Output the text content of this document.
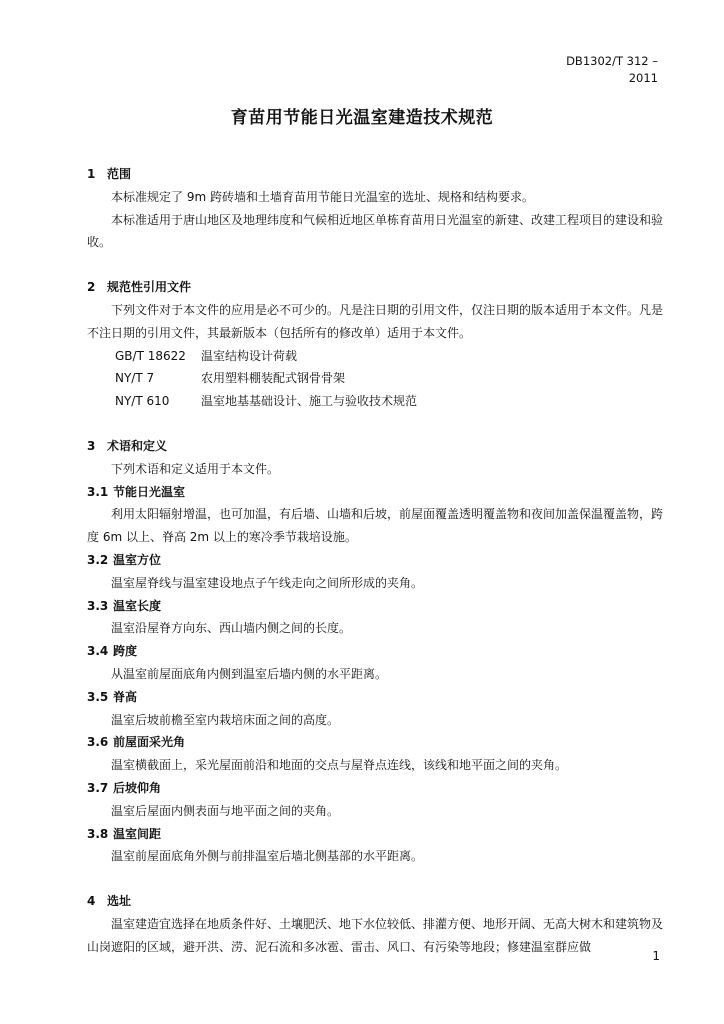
DB1302/T 312 –
2011
育苗用节能日光温室建造技术规范
1 范围

本标准规定了 9m 跨砖墙和土墙育苗用节能日光温室的选址、规格和结构要求。

本标准适用于唐山地区及地理纬度和气候相近地区单栋育苗用日光温室的新建、改建工程项目的建设和验收。

2 规范性引用文件

下列文件对于本文件的应用是必不可少的。凡是注日期的引用文件，仅注日期的版本适用于本文件。凡是不注日期的引用文件，其最新版本（包括所有的修改单）适用于本文件。

GB/T 18622 温室结构设计荷载

NY/T 7	农用塑料棚装配式钢骨骨架

NY/T 610	温室地基基础设计、施工与验收技术规范

3 术语和定义

下列术语和定义适用于本文件。

3.1 节能日光温室

利用太阳辐射增温，也可加温，有后墙、山墙和后坡，前屋面覆盖透明覆盖物和夜间加盖保温覆盖物，跨度 6m 以上、脊高 2m 以上的寒冷季节栽培设施。

3.2 温室方位

温室屋脊线与温室建设地点子午线走向之间所形成的夹角。

3.3 温室长度

温室沿屋脊方向东、西山墙内侧之间的长度。

3.4 跨度

从温室前屋面底角内侧到温室后墙内侧的水平距离。

3.5 脊高

温室后坡前檐至室内栽培床面之间的高度。

3.6 前屋面采光角

温室横截面上，采光屋面前沿和地面的交点与屋脊点连线，该线和地平面之间的夹角。

3.7 后坡仰角

温室后屋面内侧表面与地平面之间的夹角。

3.8 温室间距

温室前屋面底角外侧与前排温室后墙北侧基部的水平距离。

4 选址

温室建造宜选择在地质条件好、土壤肥沃、地下水位较低、排灌方便、地形开阔、无高大树木和建筑物及山岗遮阳的区域，避开洪、涝、泥石流和多冰雹、雷击、风口、有污染等地段；修建温室群应做

1
